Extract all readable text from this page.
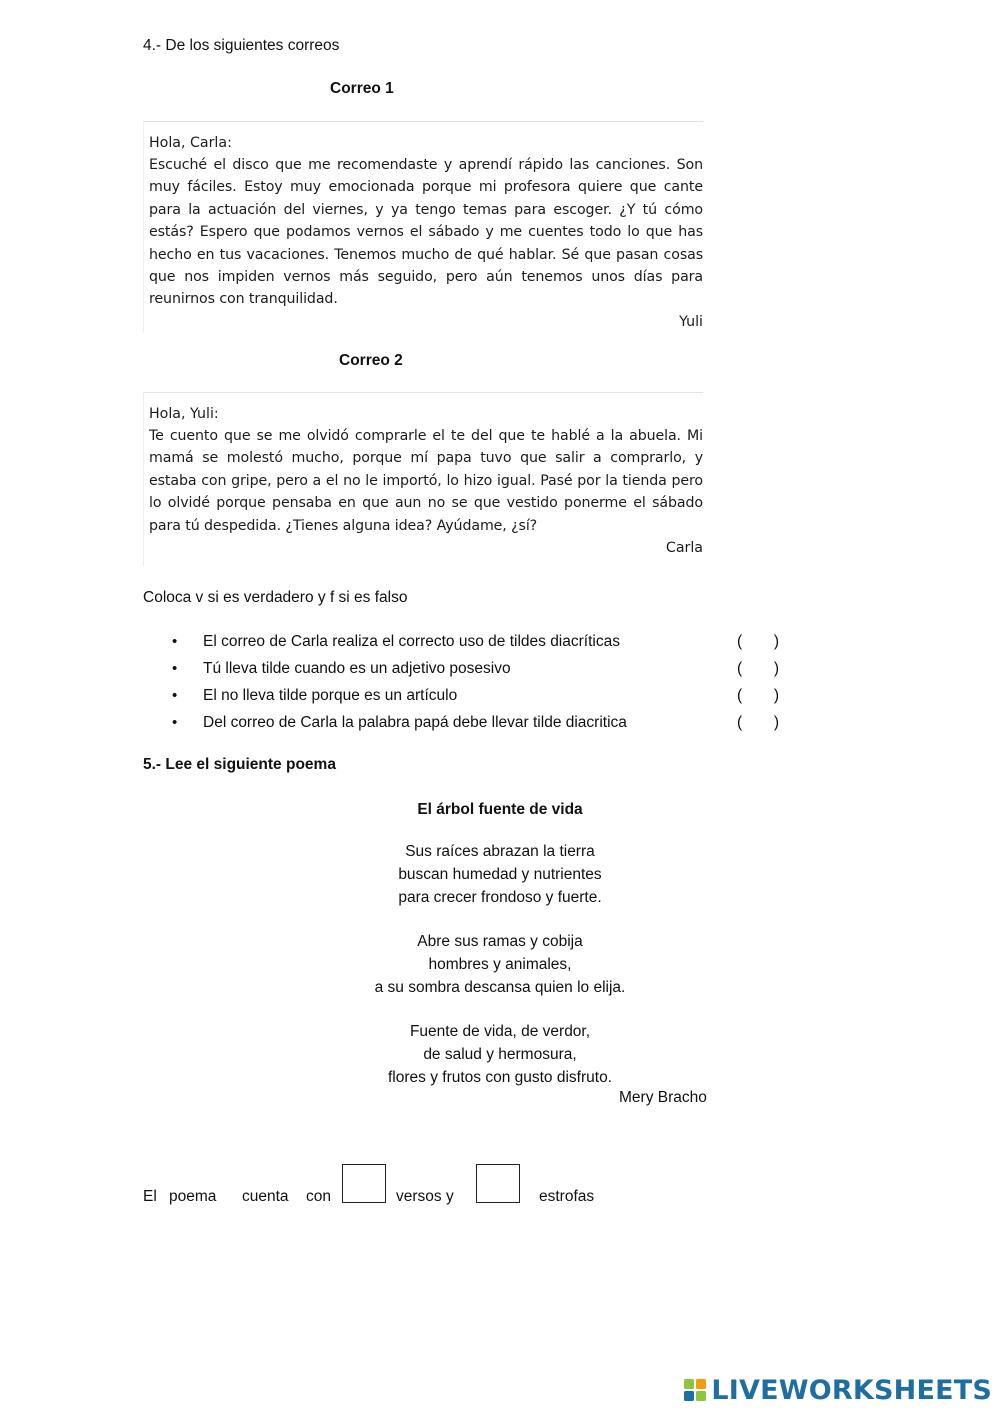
4.- De los siguientes correos
Correo 1
Hola, Carla:
Escuché el disco que me recomendaste y aprendí rápido las canciones. Son muy fáciles. Estoy muy emocionada porque mi profesora quiere que cante para la actuación del viernes, y ya tengo temas para escoger. ¿Y tú cómo estás? Espero que podamos vernos el sábado y me cuentes todo lo que has hecho en tus vacaciones. Tenemos mucho de qué hablar. Sé que pasan cosas que nos impiden vernos más seguido, pero aún tenemos unos días para reunirnos con tranquilidad.
Yuli
Correo 2
Hola, Yuli:
Te cuento que se me olvidó comprarle el te del que te hablé a la abuela. Mi mamá se molestó mucho, porque mí papa tuvo que salir a comprarlo, y estaba con gripe, pero a el no le importó, lo hizo igual. Pasé por la tienda pero lo olvidé porque pensaba en que aun no se que vestido ponerme el sábado para tú despedida. ¿Tienes alguna idea? Ayúdame, ¿sí?
Carla
Coloca v si es verdadero y f si es falso
• El correo de Carla realiza el correcto uso de tildes diacríticas	( )
• Tú lleva tilde cuando es un adjetivo posesivo	( )
• El no lleva tilde porque es un artículo	( )
• Del correo de Carla la palabra papá debe llevar tilde diacritica	( )
5.- Lee el siguiente poema
El árbol fuente de vida
Sus raíces abrazan la tierra
buscan humedad y nutrientes
para crecer frondoso y fuerte.
Abre sus ramas y cobija
hombres y animales,
a su sombra descansa quien lo elija.
Fuente de vida, de verdor,
de salud y hermosura,
flores y frutos con gusto disfruto.
Mery Bracho
El poema cuenta con	versos y	estrofas
LIVEWORKSHEETS
